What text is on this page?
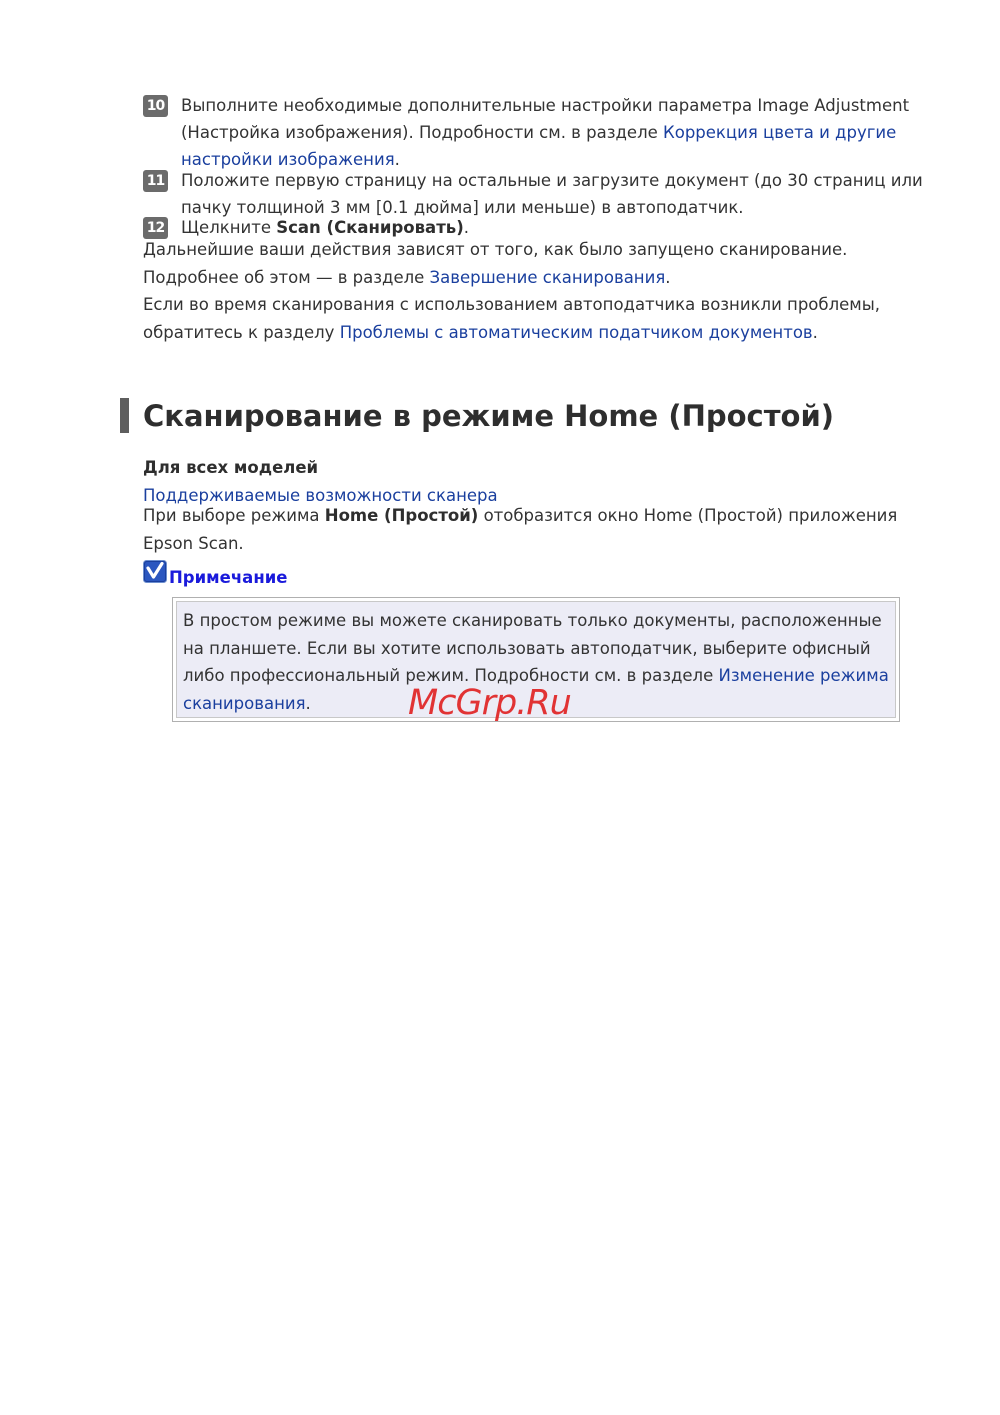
10 Выполните необходимые дополнительные настройки параметра Image Adjustment (Настройка изображения). Подробности см. в разделе Коррекция цвета и другие настройки изображения.
11 Положите первую страницу на остальные и загрузите документ (до 30 страниц или пачку толщиной 3 мм [0.1 дюйма] или меньше) в автоподатчик.
12 Щелкните Scan (Сканировать).
Дальнейшие ваши действия зависят от того, как было запущено сканирование.
Подробнее об этом — в разделе Завершение сканирования.
Если во время сканирования с использованием автоподатчика возникли проблемы, обратитесь к разделу Проблемы с автоматическим податчиком документов.
Сканирование в режиме Home (Простой)
Для всех моделей
Поддерживаемые возможности сканера
При выборе режима Home (Простой) отобразится окно Home (Простой) приложения Epson Scan.
Примечание
В простом режиме вы можете сканировать только документы, расположенные на планшете. Если вы хотите использовать автоподатчик, выберите офисный либо профессиональный режим. Подробности см. в разделе Изменение режима сканирования.	McGrp.Ru
